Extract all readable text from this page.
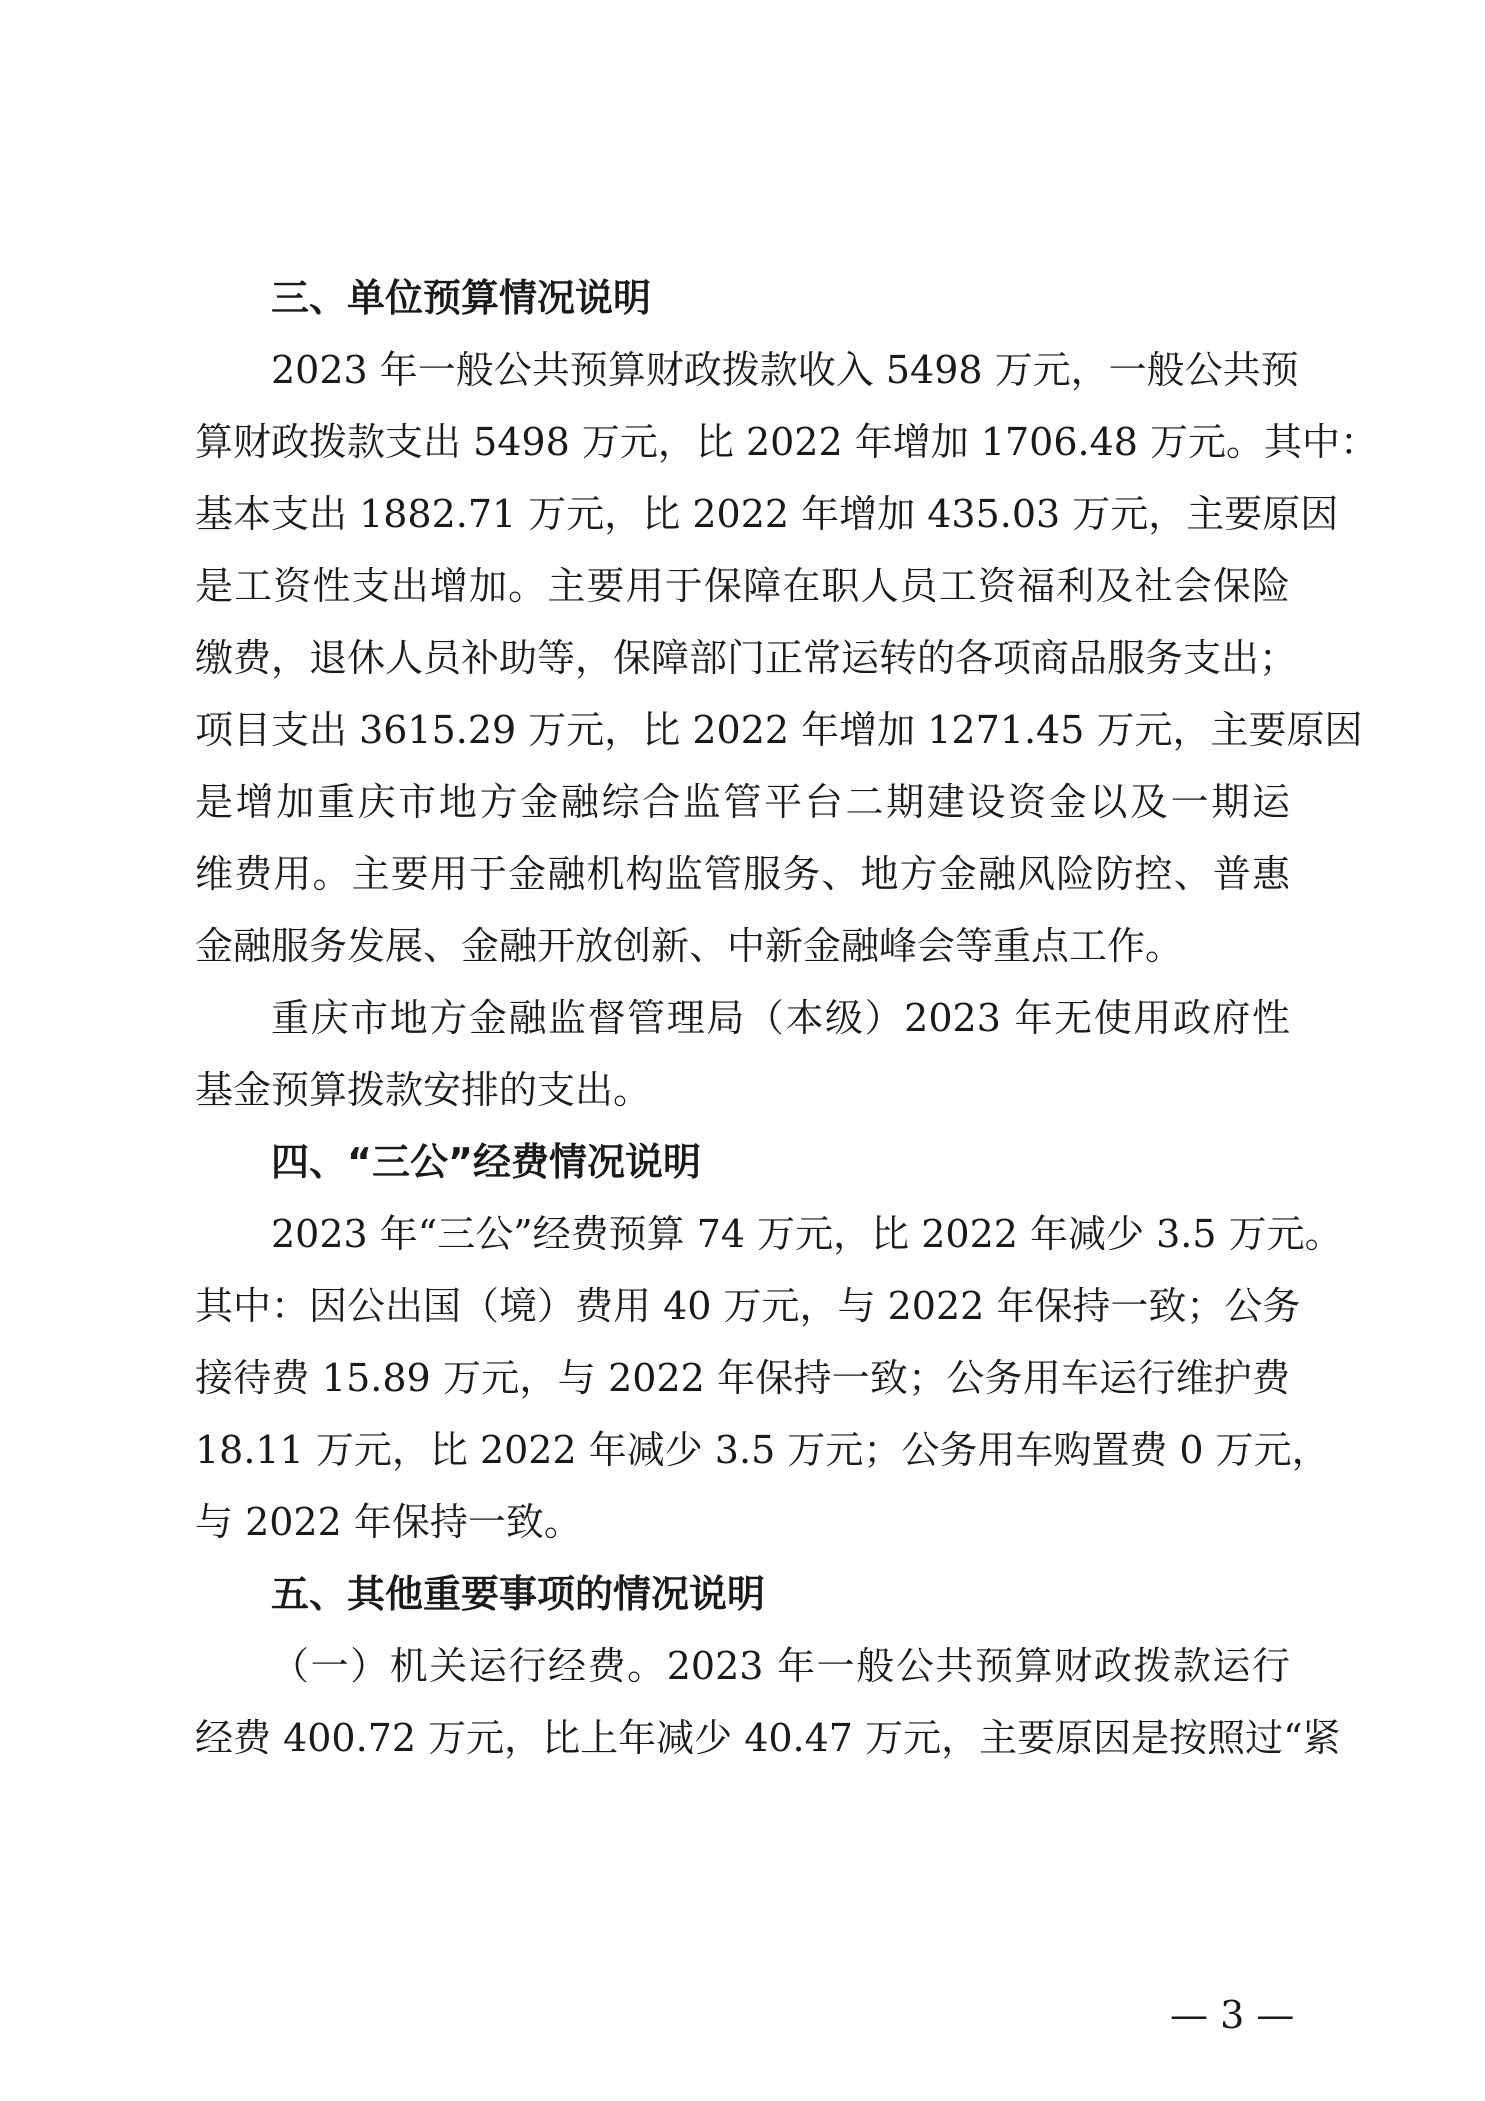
三、单位预算情况说明
2023 年一般公共预算财政拨款收入 5498 万元，一般公共预
算财政拨款支出 5498 万元，比 2022 年增加 1706.48 万元。其中：
基本支出 1882.71 万元，比 2022 年增加 435.03 万元，主要原因
是工资性支出增加。主要用于保障在职人员工资福利及社会保险
缴费，退休人员补助等，保障部门正常运转的各项商品服务支出；
项目支出 3615.29 万元，比 2022 年增加 1271.45 万元，主要原因
是增加重庆市地方金融综合监管平台二期建设资金以及一期运
维费用。主要用于金融机构监管服务、地方金融风险防控、普惠
金融服务发展、金融开放创新、中新金融峰会等重点工作。
重庆市地方金融监督管理局（本级）2023 年无使用政府性
基金预算拨款安排的支出。
四、“三公”经费情况说明
2023 年“三公”经费预算 74 万元，比 2022 年减少 3.5 万元。
其中：因公出国（境）费用 40 万元，与 2022 年保持一致；公务
接待费 15.89 万元，与 2022 年保持一致；公务用车运行维护费
18.11 万元，比 2022 年减少 3.5 万元；公务用车购置费 0 万元，
与 2022 年保持一致。
五、其他重要事项的情况说明
（一）机关运行经费。2023 年一般公共预算财政拨款运行
经费 400.72 万元，比上年减少 40.47 万元，主要原因是按照过“紧
— 3 —
